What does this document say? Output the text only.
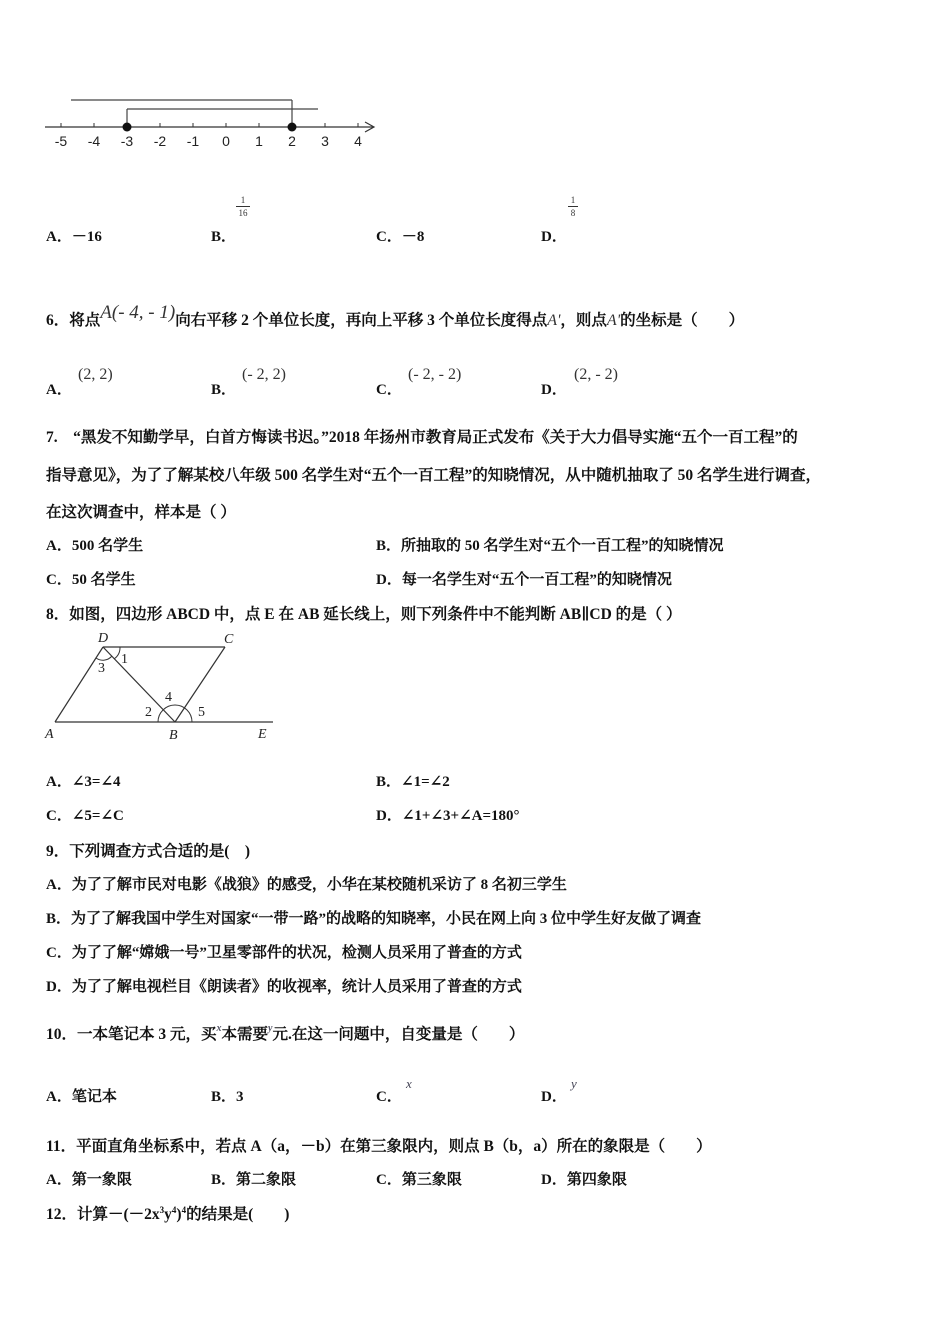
-5 -4 -3 -2 -1 0 1 2 3 4
A．－16	B．
1
16
C．－8	D．
1
8
6．将点A(- 4, - 1)向右平移 2 个单位长度，再向上平移 3 个单位长度得点A'，则点A'的坐标是（　　）
A．
(2, 2)
B．
(- 2, 2)
C．
(- 2, - 2)
D．
(2, - 2)
7.　“黑发不知勤学早，白首方悔读书迟。”2018 年扬州市教育局正式发布《关于大力倡导实施“五个一百工程”的
指导意见》，为了了解某校八年级 500 名学生对“五个一百工程”的知晓情况，从中随机抽取了 50 名学生进行调查，
在这次调查中，样本是（ ）
A．500 名学生	B．所抽取的 50 名学生对“五个一百工程”的知晓情况
C．50 名学生	D．每一名学生对“五个一百工程”的知晓情况
8．如图，四边形 ABCD 中，点 E 在 AB 延长线上，则下列条件中不能判断 AB∥CD 的是（ ）
D	C
A	B	E
1
3
4
2	5
A．∠3=∠4	B．∠1=∠2
C．∠5=∠C	D．∠1+∠3+∠A=180°
9．下列调查方式合适的是(　)
A．为了了解市民对电影《战狼》的感受，小华在某校随机采访了 8 名初三学生
B．为了了解我国中学生对国家“一带一路”的战略的知晓率，小民在网上向 3 位中学生好友做了调查
C．为了了解“嫦娥一号”卫星零部件的状况，检测人员采用了普查的方式
D．为了了解电视栏目《朗读者》的收视率，统计人员采用了普查的方式
10．一本笔记本 3 元，买$^x$本需要$^y$元.在这一问题中，自变量是（　　）
A．笔记本	B．3	C．
x
D．
y
11．平面直角坐标系中，若点 A（a，－b）在第三象限内，则点 B（b，a）所在的象限是（　　）
A．第一象限	B．第二象限	C．第三象限	D．第四象限
12．计算$-(-2x^3y^4)^4$的结果是(　　)
